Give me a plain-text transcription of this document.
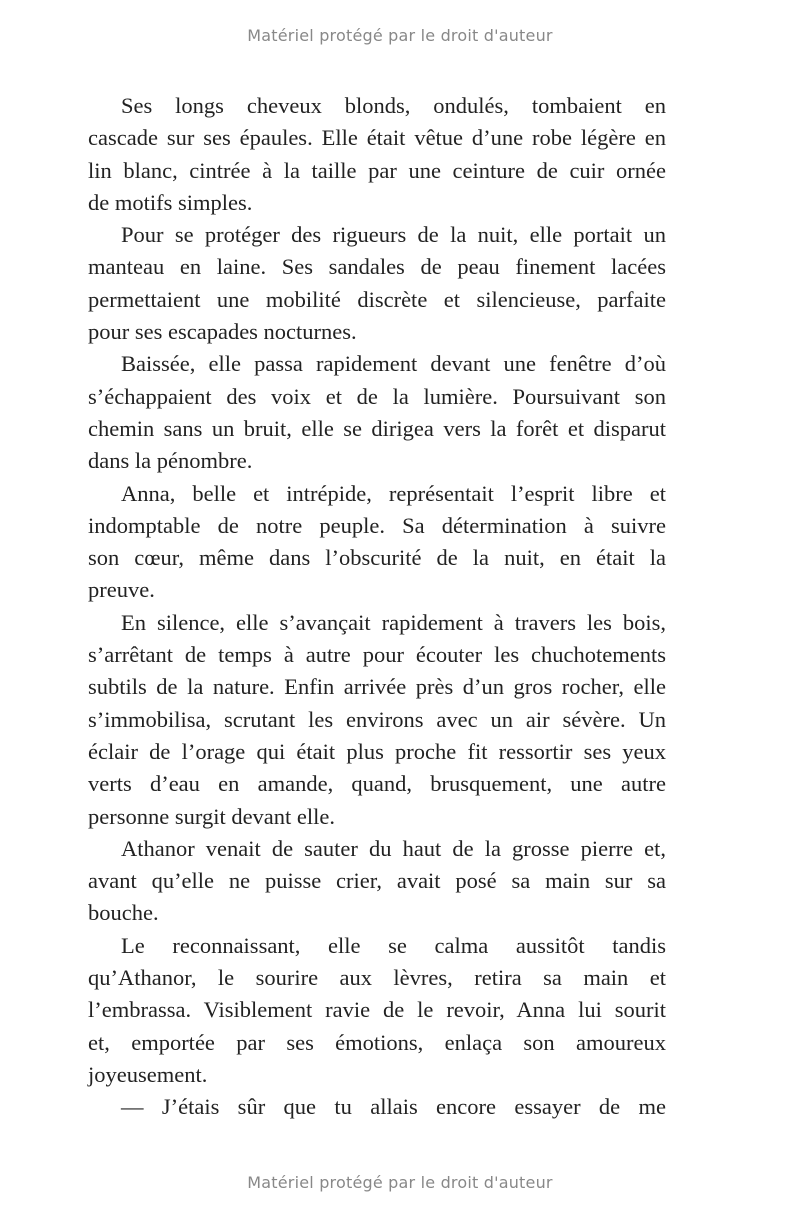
Matériel protégé par le droit d'auteur
Ses longs cheveux blonds, ondulés, tombaient en
cascade sur ses épaules. Elle était vêtue d’une robe légère en
lin blanc, cintrée à la taille par une ceinture de cuir ornée
de motifs simples.
Pour se protéger des rigueurs de la nuit, elle portait un
manteau en laine. Ses sandales de peau finement lacées
permettaient une mobilité discrète et silencieuse, parfaite
pour ses escapades nocturnes.
Baissée, elle passa rapidement devant une fenêtre d’où
s’échappaient des voix et de la lumière. Poursuivant son
chemin sans un bruit, elle se dirigea vers la forêt et disparut
dans la pénombre.
Anna, belle et intrépide, représentait l’esprit libre et
indomptable de notre peuple. Sa détermination à suivre
son cœur, même dans l’obscurité de la nuit, en était la
preuve.
En silence, elle s’avançait rapidement à travers les bois,
s’arrêtant de temps à autre pour écouter les chuchotements
subtils de la nature. Enfin arrivée près d’un gros rocher, elle
s’immobilisa, scrutant les environs avec un air sévère. Un
éclair de l’orage qui était plus proche fit ressortir ses yeux
verts d’eau en amande, quand, brusquement, une autre
personne surgit devant elle.
Athanor venait de sauter du haut de la grosse pierre et,
avant qu’elle ne puisse crier, avait posé sa main sur sa
bouche.
Le reconnaissant, elle se calma aussitôt tandis
qu’Athanor, le sourire aux lèvres, retira sa main et
l’embrassa. Visiblement ravie de le revoir, Anna lui sourit
et, emportée par ses émotions, enlaça son amoureux
joyeusement.
— J’étais sûr que tu allais encore essayer de me
Matériel protégé par le droit d'auteur
